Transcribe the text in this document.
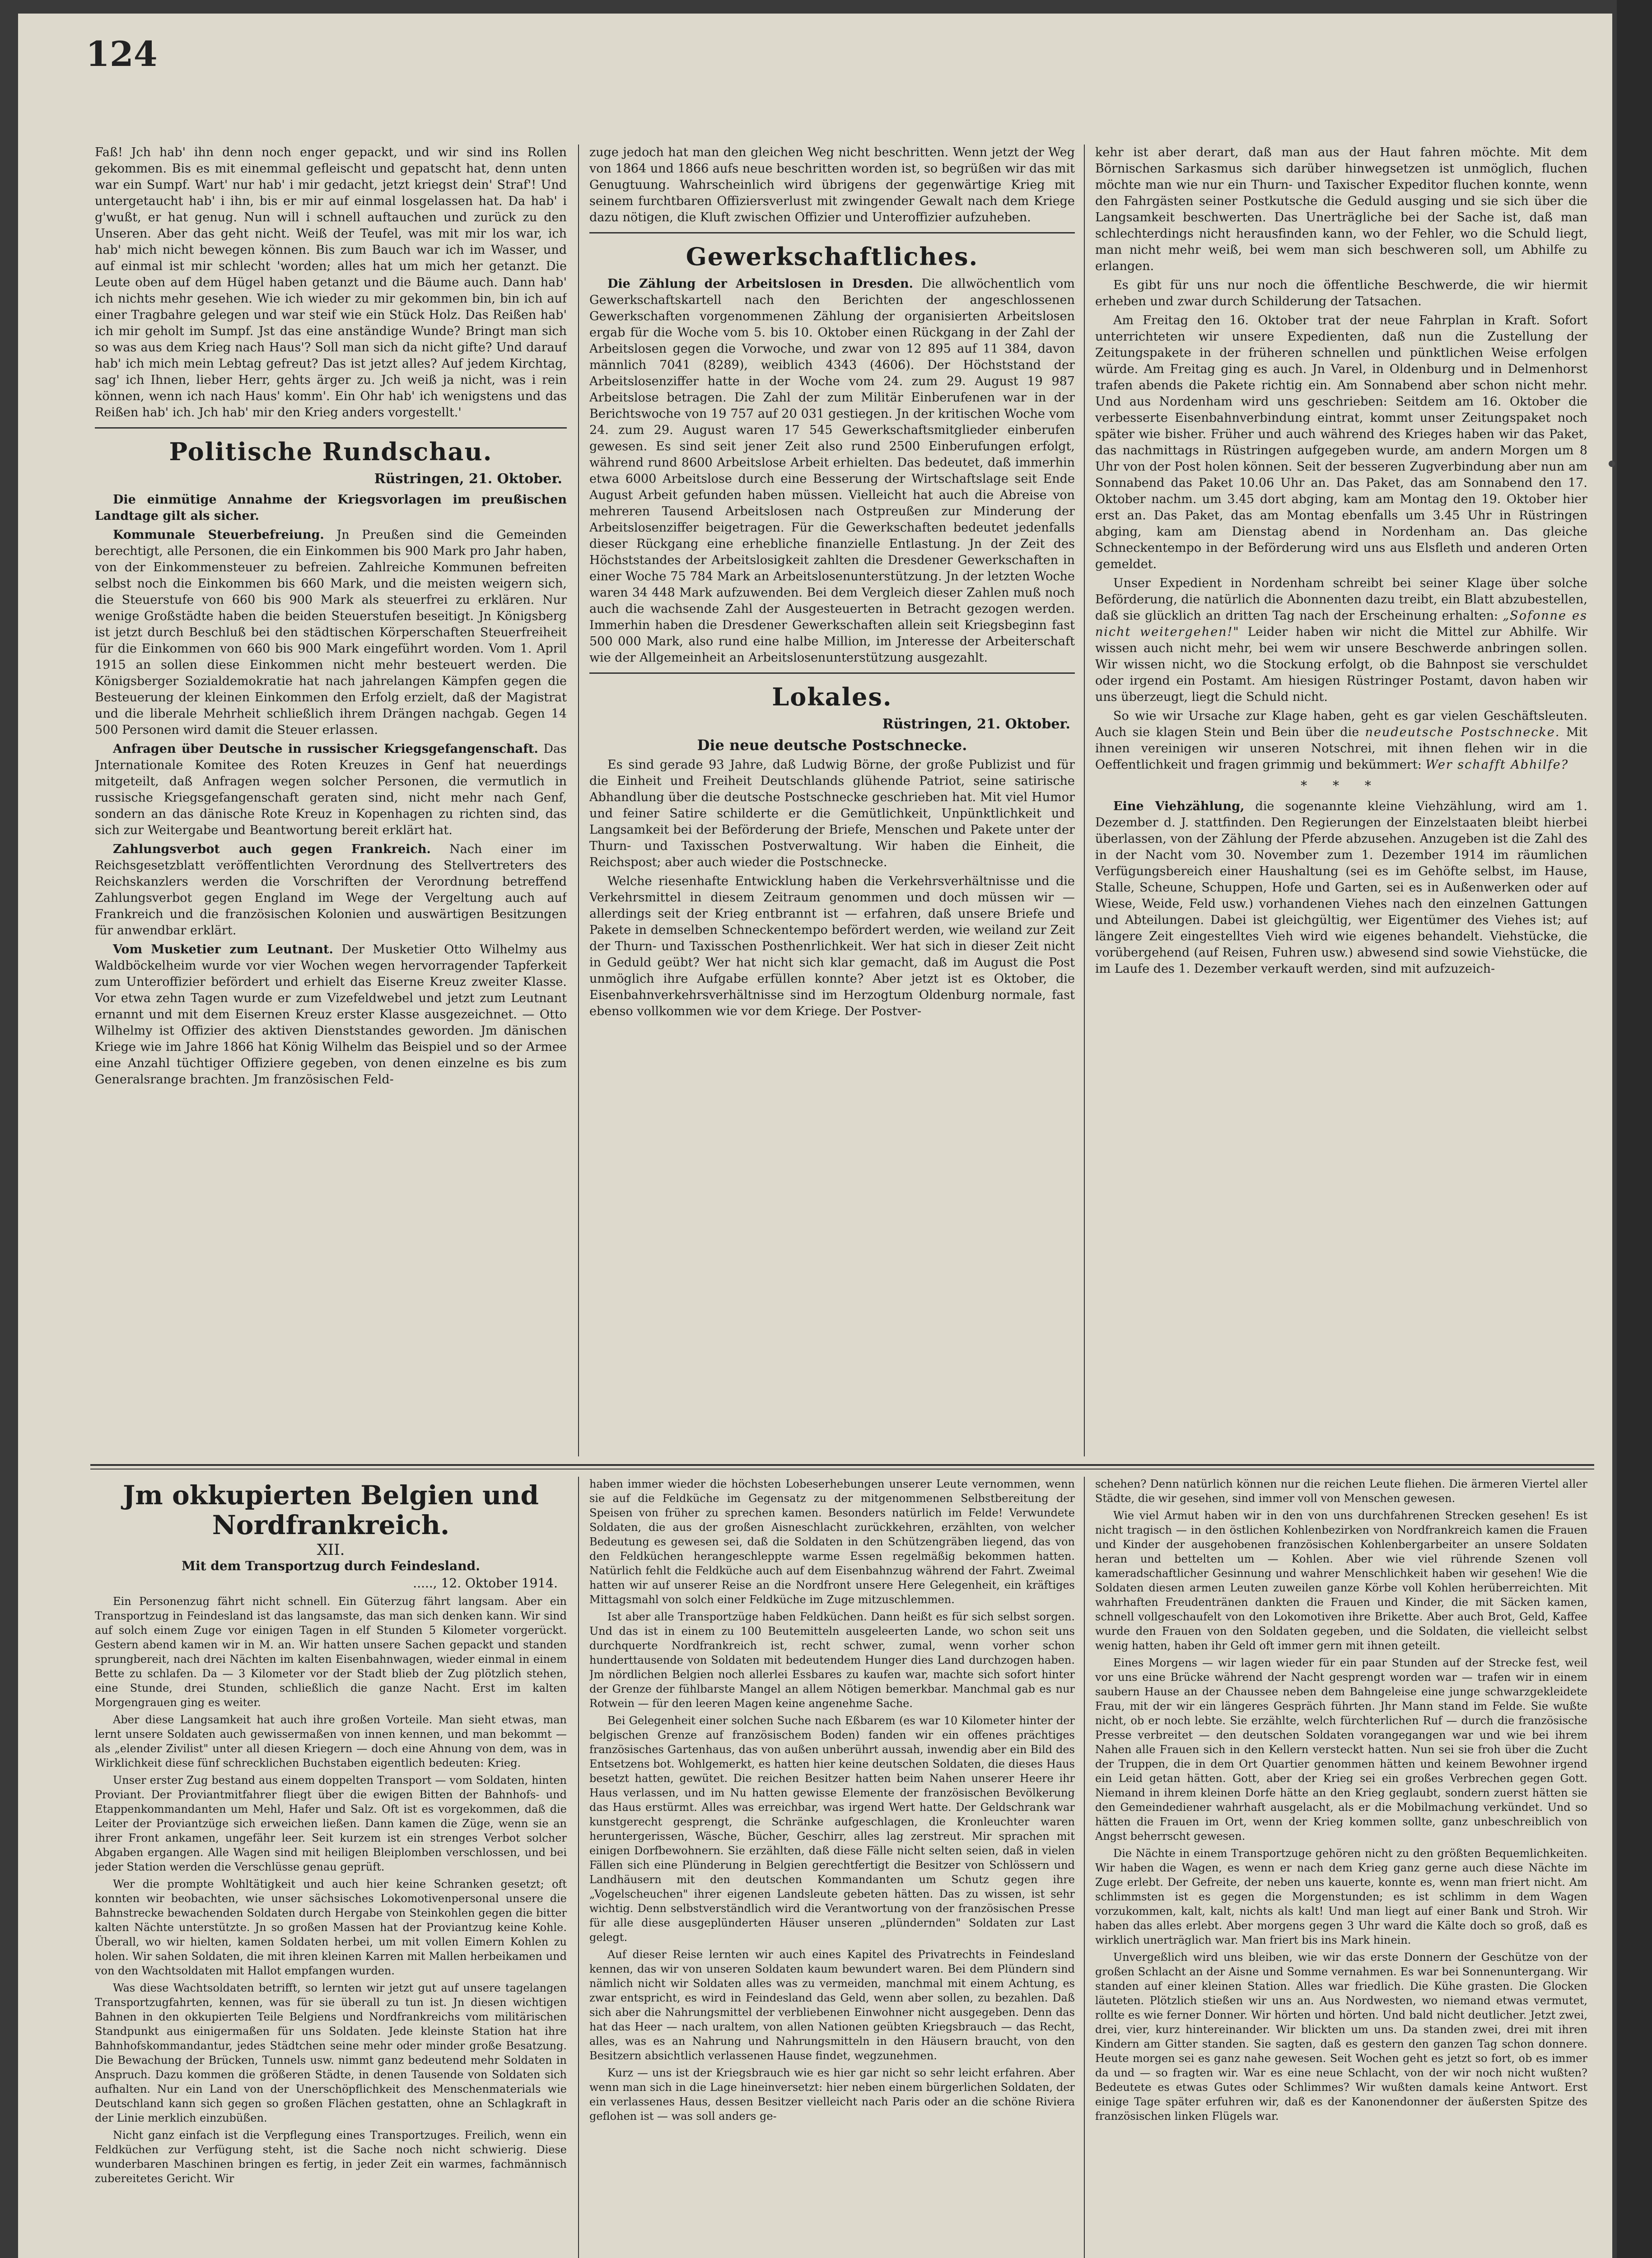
124

Faß! Jch hab' ihn denn noch enger gepackt, und wir sind ins Rollen gekommen. Bis es mit einemmal gefleischt und gepatscht hat, denn unten war ein Sumpf. Wart' nur hab' i mir gedacht, jetzt kriegst dein' Straf'! Und untergetaucht hab' i ihn, bis er mir auf einmal losgelassen hat. Da hab' i g'wußt, er hat genug. Nun will i schnell auftauchen und zurück zu den Unseren. Aber das geht nicht. Weiß der Teufel, was mit mir los war, ich hab' mich nicht bewegen können. Bis zum Bauch war ich im Wasser, und auf einmal ist mir schlecht 'worden; alles hat um mich her getanzt. Die Leute oben auf dem Hügel haben getanzt und die Bäume auch. Dann hab' ich nichts mehr gesehen. Wie ich wieder zu mir gekommen bin, bin ich auf einer Tragbahre gelegen und war steif wie ein Stück Holz. Das Reißen hab' ich mir geholt im Sumpf. Jst das eine anständige Wunde? Bringt man sich so was aus dem Krieg nach Haus'? Soll man sich da nicht gifte? Und darauf hab' ich mich mein Lebtag gefreut? Das ist jetzt alles? Auf jedem Kirchtag, sag' ich Ihnen, lieber Herr, gehts ärger zu. Jch weiß ja nicht, was i rein können, wenn ich nach Haus' komm'. Ein Ohr hab' ich wenigstens und das Reißen hab' ich. Jch hab' mir den Krieg anders vorgestellt.'

Politische Rundschau.
Rüstringen, 21. Oktober.

Die einmütige Annahme der Kriegsvorlagen im preußischen Landtage gilt als sicher.

Kommunale Steuerbefreiung. Jn Preußen sind die Gemeinden berechtigt, alle Personen, die ein Einkommen bis 900 Mark pro Jahr haben, von der Einkommensteuer zu befreien. Zahlreiche Kommunen befreiten selbst noch die Einkommen bis 660 Mark, und die meisten weigern sich, die Steuerstufe von 660 bis 900 Mark als steuerfrei zu erklären. Nur wenige Großstädte haben die beiden Steuerstufen beseitigt. Jn Königsberg ist jetzt durch Beschluß bei den städtischen Körperschaften Steuerfreiheit für die Einkommen von 660 bis 900 Mark eingeführt worden. Vom 1. April 1915 an sollen diese Einkommen nicht mehr besteuert werden. Die Königsberger Sozialdemokratie hat nach jahrelangen Kämpfen gegen die Besteuerung der kleinen Einkommen den Erfolg erzielt, daß der Magistrat und die liberale Mehrheit schließlich ihrem Drängen nachgab. Gegen 14 500 Personen wird damit die Steuer erlassen.

Anfragen über Deutsche in russischer Kriegsgefangenschaft. Das Jnternationale Komitee des Roten Kreuzes in Genf hat neuerdings mitgeteilt, daß Anfragen wegen solcher Personen, die vermutlich in russische Kriegsgefangenschaft geraten sind, nicht mehr nach Genf, sondern an das dänische Rote Kreuz in Kopenhagen zu richten sind, das sich zur Weitergabe und Beantwortung bereit erklärt hat.

Zahlungsverbot auch gegen Frankreich. Nach einer im Reichsgesetzblatt veröffentlichten Verordnung des Stellvertreters des Reichskanzlers werden die Vorschriften der Verordnung betreffend Zahlungsverbot gegen England im Wege der Vergeltung auch auf Frankreich und die französischen Kolonien und auswärtigen Besitzungen für anwendbar erklärt.

Vom Musketier zum Leutnant. Der Musketier Otto Wilhelmy aus Waldböckelheim wurde vor vier Wochen wegen hervorragender Tapferkeit zum Unteroffizier befördert und erhielt das Eiserne Kreuz zweiter Klasse. Vor etwa zehn Tagen wurde er zum Vizefeldwebel und jetzt zum Leutnant ernannt und mit dem Eisernen Kreuz erster Klasse ausgezeichnet. — Otto Wilhelmy ist Offizier des aktiven Dienststandes geworden. Jm dänischen Kriege wie im Jahre 1866 hat König Wilhelm das Beispiel und so der Armee eine Anzahl tüchtiger Offiziere gegeben, von denen einzelne es bis zum Generalsrange brachten. Jm französischen Feld-

zuge jedoch hat man den gleichen Weg nicht beschritten. Wenn jetzt der Weg von 1864 und 1866 aufs neue beschritten worden ist, so begrüßen wir das mit Genugtuung. Wahrscheinlich wird übrigens der gegenwärtige Krieg mit seinem furchtbaren Offiziersverlust mit zwingender Gewalt nach dem Kriege dazu nötigen, die Kluft zwischen Offizier und Unteroffizier aufzuheben.

Gewerkschaftliches.

Die Zählung der Arbeitslosen in Dresden. Die allwöchentlich vom Gewerkschaftskartell nach den Berichten der angeschlossenen Gewerkschaften vorgenommenen Zählung der organisierten Arbeitslosen ergab für die Woche vom 5. bis 10. Oktober einen Rückgang in der Zahl der Arbeitslosen gegen die Vorwoche, und zwar von 12 895 auf 11 384, davon männlich 7041 (8289), weiblich 4343 (4606). Der Höchststand der Arbeitslosenziffer hatte in der Woche vom 24. zum 29. August 19 987 Arbeitslose betragen. Die Zahl der zum Militär Einberufenen war in der Berichtswoche von 19 757 auf 20 031 gestiegen. Jn der kritischen Woche vom 24. zum 29. August waren 17 545 Gewerkschaftsmitglieder einberufen gewesen. Es sind seit jener Zeit also rund 2500 Einberufungen erfolgt, während rund 8600 Arbeitslose Arbeit erhielten. Das bedeutet, daß immerhin etwa 6000 Arbeitslose durch eine Besserung der Wirtschaftslage seit Ende August Arbeit gefunden haben müssen. Vielleicht hat auch die Abreise von mehreren Tausend Arbeitslosen nach Ostpreußen zur Minderung der Arbeitslosenziffer beigetragen. Für die Gewerkschaften bedeutet jedenfalls dieser Rückgang eine erhebliche finanzielle Entlastung. Jn der Zeit des Höchststandes der Arbeitslosigkeit zahlten die Dresdener Gewerkschaften in einer Woche 75 784 Mark an Arbeitslosenunterstützung. Jn der letzten Woche waren 34 448 Mark aufzuwenden. Bei dem Vergleich dieser Zahlen muß noch auch die wachsende Zahl der Ausgesteuerten in Betracht gezogen werden. Immerhin haben die Dresdener Gewerkschaften allein seit Kriegsbeginn fast 500 000 Mark, also rund eine halbe Million, im Jnteresse der Arbeiterschaft wie der Allgemeinheit an Arbeitslosenunterstützung ausgezahlt.

Lokales.
Rüstringen, 21. Oktober.
Die neue deutsche Postschnecke.

Es sind gerade 93 Jahre, daß Ludwig Börne, der große Publizist und für die Einheit und Freiheit Deutschlands glühende Patriot, seine satirische Abhandlung über die deutsche Postschnecke geschrieben hat. Mit viel Humor und feiner Satire schilderte er die Gemütlichkeit, Unpünktlichkeit und Langsamkeit bei der Beförderung der Briefe, Menschen und Pakete unter der Thurn- und Taxisschen Postverwaltung. Wir haben die Einheit, die Reichspost; aber auch wieder die Postschnecke.

Welche riesenhafte Entwicklung haben die Verkehrsverhältnisse und die Verkehrsmittel in diesem Zeitraum genommen und doch müssen wir — allerdings seit der Krieg entbrannt ist — erfahren, daß unsere Briefe und Pakete in demselben Schneckentempo befördert werden, wie weiland zur Zeit der Thurn- und Taxisschen Posthenrlichkeit. Wer hat sich in dieser Zeit nicht in Geduld geübt? Wer hat nicht sich klar gemacht, daß im August die Post unmöglich ihre Aufgabe erfüllen konnte? Aber jetzt ist es Oktober, die Eisenbahnverkehrsverhältnisse sind im Herzogtum Oldenburg normale, fast ebenso vollkommen wie vor dem Kriege. Der Postver-

kehr ist aber derart, daß man aus der Haut fahren möchte. Mit dem Börnischen Sarkasmus sich darüber hinwegsetzen ist unmöglich, fluchen möchte man wie nur ein Thurn- und Taxischer Expeditor fluchen konnte, wenn den Fahrgästen seiner Postkutsche die Geduld ausging und sie sich über die Langsamkeit beschwerten. Das Unerträgliche bei der Sache ist, daß man schlechterdings nicht herausfinden kann, wo der Fehler, wo die Schuld liegt, man nicht mehr weiß, bei wem man sich beschweren soll, um Abhilfe zu erlangen.

Es gibt für uns nur noch die öffentliche Beschwerde, die wir hiermit erheben und zwar durch Schilderung der Tatsachen.

Am Freitag den 16. Oktober trat der neue Fahrplan in Kraft. Sofort unterrichteten wir unsere Expedienten, daß nun die Zustellung der Zeitungspakete in der früheren schnellen und pünktlichen Weise erfolgen würde. Am Freitag ging es auch. Jn Varel, in Oldenburg und in Delmenhorst trafen abends die Pakete richtig ein. Am Sonnabend aber schon nicht mehr. Und aus Nordenham wird uns geschrieben: Seitdem am 16. Oktober die verbesserte Eisenbahnverbindung eintrat, kommt unser Zeitungspaket noch später wie bisher. Früher und auch während des Krieges haben wir das Paket, das nachmittags in Rüstringen aufgegeben wurde, am andern Morgen um 8 Uhr von der Post holen können. Seit der besseren Zugverbindung aber nun am Sonnabend das Paket 10.06 Uhr an. Das Paket, das am Sonnabend den 17. Oktober nachm. um 3.45 dort abging, kam am Montag den 19. Oktober hier erst an. Das Paket, das am Montag ebenfalls um 3.45 Uhr in Rüstringen abging, kam am Dienstag abend in Nordenham an. Das gleiche Schneckentempo in der Beförderung wird uns aus Elsfleth und anderen Orten gemeldet.

Unser Expedient in Nordenham schreibt bei seiner Klage über solche Beförderung, die natürlich die Abonnenten dazu treibt, ein Blatt abzubestellen, daß sie glücklich an dritten Tag nach der Erscheinung erhalten: „Sofonne es nicht weitergehen!" Leider haben wir nicht die Mittel zur Abhilfe. Wir wissen auch nicht mehr, bei wem wir unsere Beschwerde anbringen sollen. Wir wissen nicht, wo die Stockung erfolgt, ob die Bahnpost sie verschuldet oder irgend ein Postamt. Am hiesigen Rüstringer Postamt, davon haben wir uns überzeugt, liegt die Schuld nicht.

So wie wir Ursache zur Klage haben, geht es gar vielen Geschäftsleuten. Auch sie klagen Stein und Bein über die neudeutsche Postschnecke. Mit ihnen vereinigen wir unseren Notschrei, mit ihnen flehen wir in die Oeffentlichkeit und fragen grimmig und bekümmert: Wer schafft Abhilfe?

* * *

Eine Viehzählung, die sogenannte kleine Viehzählung, wird am 1. Dezember d. J. stattfinden. Den Regierungen der Einzelstaaten bleibt hierbei überlassen, von der Zählung der Pferde abzusehen. Anzugeben ist die Zahl des in der Nacht vom 30. November zum 1. Dezember 1914 im räumlichen Verfügungsbereich einer Haushaltung (sei es im Gehöfte selbst, im Hause, Stalle, Scheune, Schuppen, Hofe und Garten, sei es in Außenwerken oder auf Wiese, Weide, Feld usw.) vorhandenen Viehes nach den einzelnen Gattungen und Abteilungen. Dabei ist gleichgültig, wer Eigentümer des Viehes ist; auf längere Zeit eingestelltes Vieh wird wie eigenes behandelt. Viehstücke, die vorübergehend (auf Reisen, Fuhren usw.) abwesend sind sowie Viehstücke, die im Laufe des 1. Dezember verkauft werden, sind mit aufzuzeich-

Jm okkupierten Belgien und Nordfrankreich.
XII.
Mit dem Transportzug durch Feindesland.
....., 12. Oktober 1914.

Ein Personenzug fährt nicht schnell. Ein Güterzug fährt langsam. Aber ein Transportzug in Feindesland ist das langsamste, das man sich denken kann. Wir sind auf solch einem Zuge vor einigen Tagen in elf Stunden 5 Kilometer vorgerückt. Gestern abend kamen wir in M. an. Wir hatten unsere Sachen gepackt und standen sprungbereit, nach drei Nächten im kalten Eisenbahnwagen, wieder einmal in einem Bette zu schlafen. Da — 3 Kilometer vor der Stadt blieb der Zug plötzlich stehen, eine Stunde, drei Stunden, schließlich die ganze Nacht. Erst im kalten Morgengrauen ging es weiter.

Aber diese Langsamkeit hat auch ihre großen Vorteile. Man sieht etwas, man lernt unsere Soldaten auch gewissermaßen von innen kennen, und man bekommt — als „elender Zivilist" unter all diesen Kriegern — doch eine Ahnung von dem, was in Wirklichkeit diese fünf schrecklichen Buchstaben eigentlich bedeuten: Krieg.

Unser erster Zug bestand aus einem doppelten Transport — vom Soldaten, hinten Proviant. Der Proviantmitfahrer fliegt über die ewigen Bitten der Bahnhofs- und Etappenkommandanten um Mehl, Hafer und Salz. Oft ist es vorgekommen, daß die Leiter der Proviantzüge sich erweichen ließen. Dann kamen die Züge, wenn sie an ihrer Front ankamen, ungefähr leer. Seit kurzem ist ein strenges Verbot solcher Abgaben ergangen. Alle Wagen sind mit heiligen Bleiplomben verschlossen, und bei jeder Station werden die Verschlüsse genau geprüft.

Wer die prompte Wohltätigkeit und auch hier keine Schranken gesetzt; oft konnten wir beobachten, wie unser sächsisches Lokomotivenpersonal unsere die Bahnstrecke bewachenden Soldaten durch Hergabe von Steinkohlen gegen die bitter kalten Nächte unterstützte. Jn so großen Massen hat der Proviantzug keine Kohle. Überall, wo wir hielten, kamen Soldaten herbei, um mit vollen Eimern Kohlen zu holen. Wir sahen Soldaten, die mit ihren kleinen Karren mit Mallen herbeikamen und von den Wachtsoldaten mit Hallot empfangen wurden.

Was diese Wachtsoldaten betrifft, so lernten wir jetzt gut auf unsere tagelangen Transportzugfahrten, kennen, was für sie überall zu tun ist. Jn diesen wichtigen Bahnen in den okkupierten Teile Belgiens und Nordfrankreichs vom militärischen Standpunkt aus einigermaßen für uns Soldaten. Jede kleinste Station hat ihre Bahnhofskommandantur, jedes Städtchen seine mehr oder minder große Besatzung. Die Bewachung der Brücken, Tunnels usw. nimmt ganz bedeutend mehr Soldaten in Anspruch. Dazu kommen die größeren Städte, in denen Tausende von Soldaten sich aufhalten. Nur ein Land von der Unerschöpflichkeit des Menschenmaterials wie Deutschland kann sich gegen so großen Flächen gestatten, ohne an Schlagkraft in der Linie merklich einzubüßen.

Nicht ganz einfach ist die Verpflegung eines Transportzuges. Freilich, wenn ein Feldküchen zur Verfügung steht, ist die Sache noch nicht schwierig. Diese wunderbaren Maschinen bringen es fertig, in jeder Zeit ein warmes, fachmännisch zubereitetes Gericht. Wir

haben immer wieder die höchsten Lobeserhebungen unserer Leute vernommen, wenn sie auf die Feldküche im Gegensatz zu der mitgenommenen Selbstbereitung der Speisen von früher zu sprechen kamen. Besonders natürlich im Felde! Verwundete Soldaten, die aus der großen Aisneschlacht zurückkehren, erzählten, von welcher Bedeutung es gewesen sei, daß die Soldaten in den Schützengräben liegend, das von den Feldküchen herangeschleppte warme Essen regelmäßig bekommen hatten. Natürlich fehlt die Feldküche auch auf dem Eisenbahnzug während der Fahrt. Zweimal hatten wir auf unserer Reise an die Nordfront unsere Here Gelegenheit, ein kräftiges Mittagsmahl von solch einer Feldküche im Zuge mitzuschlemmen.

Ist aber alle Transportzüge haben Feldküchen. Dann heißt es für sich selbst sorgen. Und das ist in einem zu 100 Beutemitteln ausgeleerten Lande, wo schon seit uns durchquerte Nordfrankreich ist, recht schwer, zumal, wenn vorher schon hunderttausende von Soldaten mit bedeutendem Hunger dies Land durchzogen haben. Jm nördlichen Belgien noch allerlei Essbares zu kaufen war, machte sich sofort hinter der Grenze der fühlbarste Mangel an allem Nötigen bemerkbar. Manchmal gab es nur Rotwein — für den leeren Magen keine angenehme Sache.

Bei Gelegenheit einer solchen Suche nach Eßbarem (es war 10 Kilometer hinter der belgischen Grenze auf französischem Boden) fanden wir ein offenes prächtiges französisches Gartenhaus, das von außen unberührt aussah, inwendig aber ein Bild des Entsetzens bot. Wohlgemerkt, es hatten hier keine deutschen Soldaten, die dieses Haus besetzt hatten, gewütet. Die reichen Besitzer hatten beim Nahen unserer Heere ihr Haus verlassen, und im Nu hatten gewisse Elemente der französischen Bevölkerung das Haus erstürmt. Alles was erreichbar, was irgend Wert hatte. Der Geldschrank war kunstgerecht gesprengt, die Schränke aufgeschlagen, die Kronleuchter waren heruntergerissen, Wäsche, Bücher, Geschirr, alles lag zerstreut. Mir sprachen mit einigen Dorfbewohnern. Sie erzählten, daß diese Fälle nicht selten seien, daß in vielen Fällen sich eine Plünderung in Belgien gerechtfertigt die Besitzer von Schlössern und Landhäusern mit den deutschen Kommandanten um Schutz gegen ihre „Vogelscheuchen" ihrer eigenen Landsleute gebeten hätten. Das zu wissen, ist sehr wichtig. Denn selbstverständlich wird die Verantwortung von der französischen Presse für alle diese ausgeplünderten Häuser unseren „plündernden" Soldaten zur Last gelegt.

Auf dieser Reise lernten wir auch eines Kapitel des Privatrechts in Feindesland kennen, das wir von unseren Soldaten kaum bewundert waren. Bei dem Plündern sind nämlich nicht wir Soldaten alles was zu vermeiden, manchmal mit einem Achtung, es zwar entspricht, es wird in Feindesland das Geld, wenn aber sollen, zu bezahlen. Daß sich aber die Nahrungsmittel der verbliebenen Einwohner nicht ausgegeben. Denn das hat das Heer — nach uraltem, von allen Nationen geübten Kriegsbrauch — das Recht, alles, was es an Nahrung und Nahrungsmitteln in den Häusern braucht, von den Besitzern absichtlich verlassenen Hause findet, wegzunehmen.

Kurz — uns ist der Kriegsbrauch wie es hier gar nicht so sehr leicht erfahren. Aber wenn man sich in die Lage hineinversetzt: hier neben einem bürgerlichen Soldaten, der ein verlassenes Haus, dessen Besitzer vielleicht nach Paris oder an die schöne Riviera geflohen ist — was soll anders ge-

schehen? Denn natürlich können nur die reichen Leute fliehen. Die ärmeren Viertel aller Städte, die wir gesehen, sind immer voll von Menschen gewesen.

Wie viel Armut haben wir in den von uns durchfahrenen Strecken gesehen! Es ist nicht tragisch — in den östlichen Kohlenbezirken von Nordfrankreich kamen die Frauen und Kinder der ausgehobenen französischen Kohlenbergarbeiter an unsere Soldaten heran und bettelten um — Kohlen. Aber wie viel rührende Szenen voll kameradschaftlicher Gesinnung und wahrer Menschlichkeit haben wir gesehen! Wie die Soldaten diesen armen Leuten zuweilen ganze Körbe voll Kohlen herüberreichten. Mit wahrhaften Freudentränen dankten die Frauen und Kinder, die mit Säcken kamen, schnell vollgeschaufelt von den Lokomotiven ihre Brikette. Aber auch Brot, Geld, Kaffee wurde den Frauen von den Soldaten gegeben, und die Soldaten, die vielleicht selbst wenig hatten, haben ihr Geld oft immer gern mit ihnen geteilt.

Eines Morgens — wir lagen wieder für ein paar Stunden auf der Strecke fest, weil vor uns eine Brücke während der Nacht gesprengt worden war — trafen wir in einem saubern Hause an der Chaussee neben dem Bahngeleise eine junge schwarzgekleidete Frau, mit der wir ein längeres Gespräch führten. Jhr Mann stand im Felde. Sie wußte nicht, ob er noch lebte. Sie erzählte, welch fürchterlichen Ruf — durch die französische Presse verbreitet — den deutschen Soldaten vorangegangen war und wie bei ihrem Nahen alle Frauen sich in den Kellern versteckt hatten. Nun sei sie froh über die Zucht der Truppen, die in dem Ort Quartier genommen hätten und keinem Bewohner irgend ein Leid getan hätten. Gott, aber der Krieg sei ein großes Verbrechen gegen Gott. Niemand in ihrem kleinen Dorfe hätte an den Krieg geglaubt, sondern zuerst hätten sie den Gemeindediener wahrhaft ausgelacht, als er die Mobilmachung verkündet. Und so hätten die Frauen im Ort, wenn der Krieg kommen sollte, ganz unbeschreiblich von Angst beherrscht gewesen.

Die Nächte in einem Transportzuge gehören nicht zu den größten Bequemlichkeiten. Wir haben die Wagen, es wenn er nach dem Krieg ganz gerne auch diese Nächte im Zuge erlebt. Der Gefreite, der neben uns kauerte, konnte es, wenn man friert nicht. Am schlimmsten ist es gegen die Morgenstunden; es ist schlimm in dem Wagen vorzukommen, kalt, kalt, nichts als kalt! Und man liegt auf einer Bank und Stroh. Wir haben das alles erlebt. Aber morgens gegen 3 Uhr ward die Kälte doch so groß, daß es wirklich unerträglich war. Man friert bis ins Mark hinein.

Unvergeßlich wird uns bleiben, wie wir das erste Donnern der Geschütze von der großen Schlacht an der Aisne und Somme vernahmen. Es war bei Sonnenuntergang. Wir standen auf einer kleinen Station. Alles war friedlich. Die Kühe grasten. Die Glocken läuteten. Plötzlich stießen wir uns an. Aus Nordwesten, wo niemand etwas vermutet, rollte es wie ferner Donner. Wir hörten und hörten. Und bald nicht deutlicher. Jetzt zwei, drei, vier, kurz hintereinander. Wir blickten um uns. Da standen zwei, drei mit ihren Kindern am Gitter standen. Sie sagten, daß es gestern den ganzen Tag schon donnere. Heute morgen sei es ganz nahe gewesen. Seit Wochen geht es jetzt so fort, ob es immer da und — so fragten wir. War es eine neue Schlacht, von der wir noch nicht wußten? Bedeutete es etwas Gutes oder Schlimmes? Wir wußten damals keine Antwort. Erst einige Tage später erfuhren wir, daß es der Kanonendonner der äußersten Spitze des französischen linken Flügels war.
